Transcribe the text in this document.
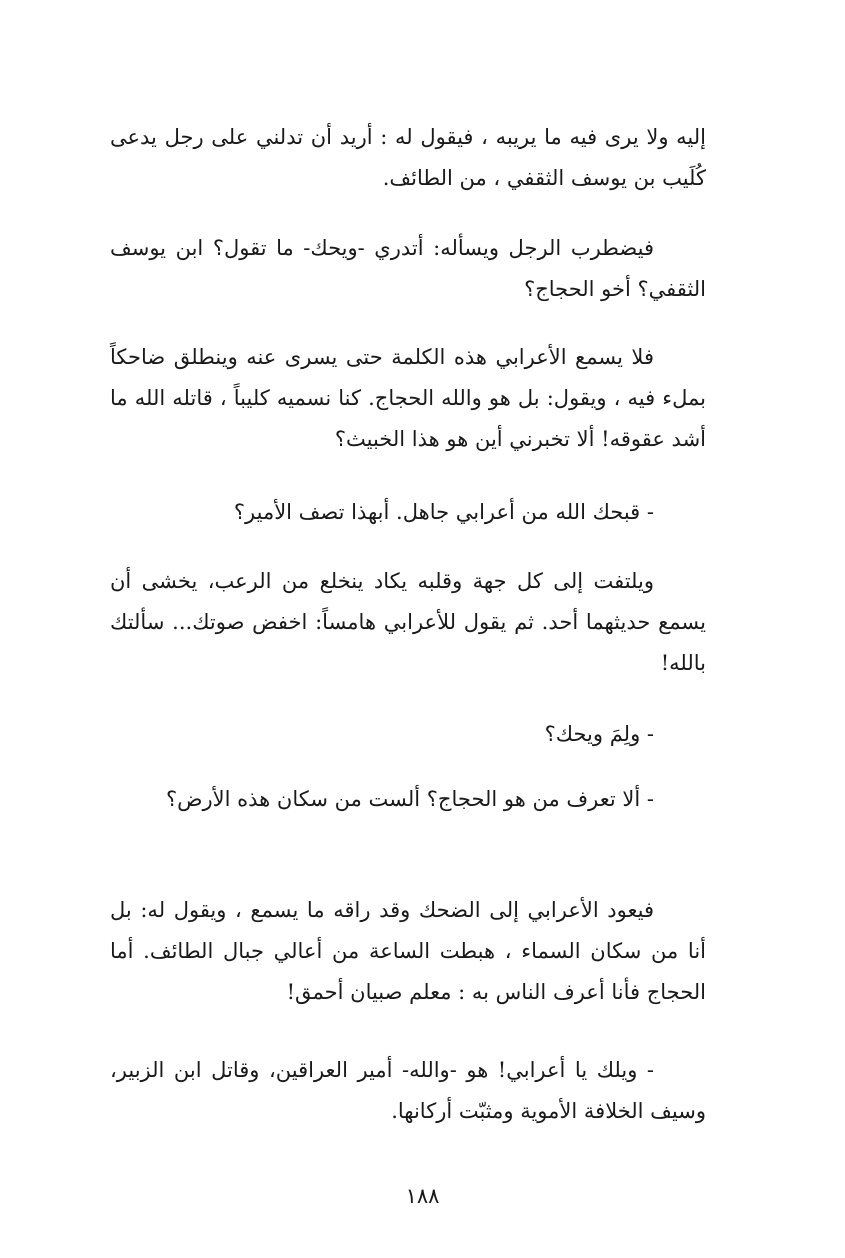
إليه ولا يرى فيه ما يريبه ، فيقول له : أريد أن تدلني على رجل يدعى كُلَيب بن يوسف الثقفي ، من الطائف.

فيضطرب الرجل ويسأله: أتدري -ويحك- ما تقول؟ ابن يوسف الثقفي؟ أخو الحجاج؟

فلا يسمع الأعرابي هذه الكلمة حتى يسرى عنه وينطلق ضاحكاً بملء فيه ، ويقول: بل هو والله الحجاج. كنا نسميه كليباً ، قاتله الله ما أشد عقوقه! ألا تخبرني أين هو هذا الخبيث؟

- قبحك الله من أعرابي جاهل. أبهذا تصف الأمير؟

ويلتفت إلى كل جهة وقلبه يكاد ينخلع من الرعب، يخشى أن يسمع حديثهما أحد. ثم يقول للأعرابي هامساً: اخفض صوتك... سألتك بالله!

- ولِمَ ويحك؟

- ألا تعرف من هو الحجاج؟ ألست من سكان هذه الأرض؟

فيعود الأعرابي إلى الضحك وقد راقه ما يسمع ، ويقول له: بل أنا من سكان السماء ، هبطت الساعة من أعالي جبال الطائف. أما الحجاج فأنا أعرف الناس به : معلم صبيان أحمق!

- ويلك يا أعرابي! هو -والله- أمير العراقين، وقاتل ابن الزبير، وسيف الخلافة الأموية ومثبّت أركانها.

١٨٨
